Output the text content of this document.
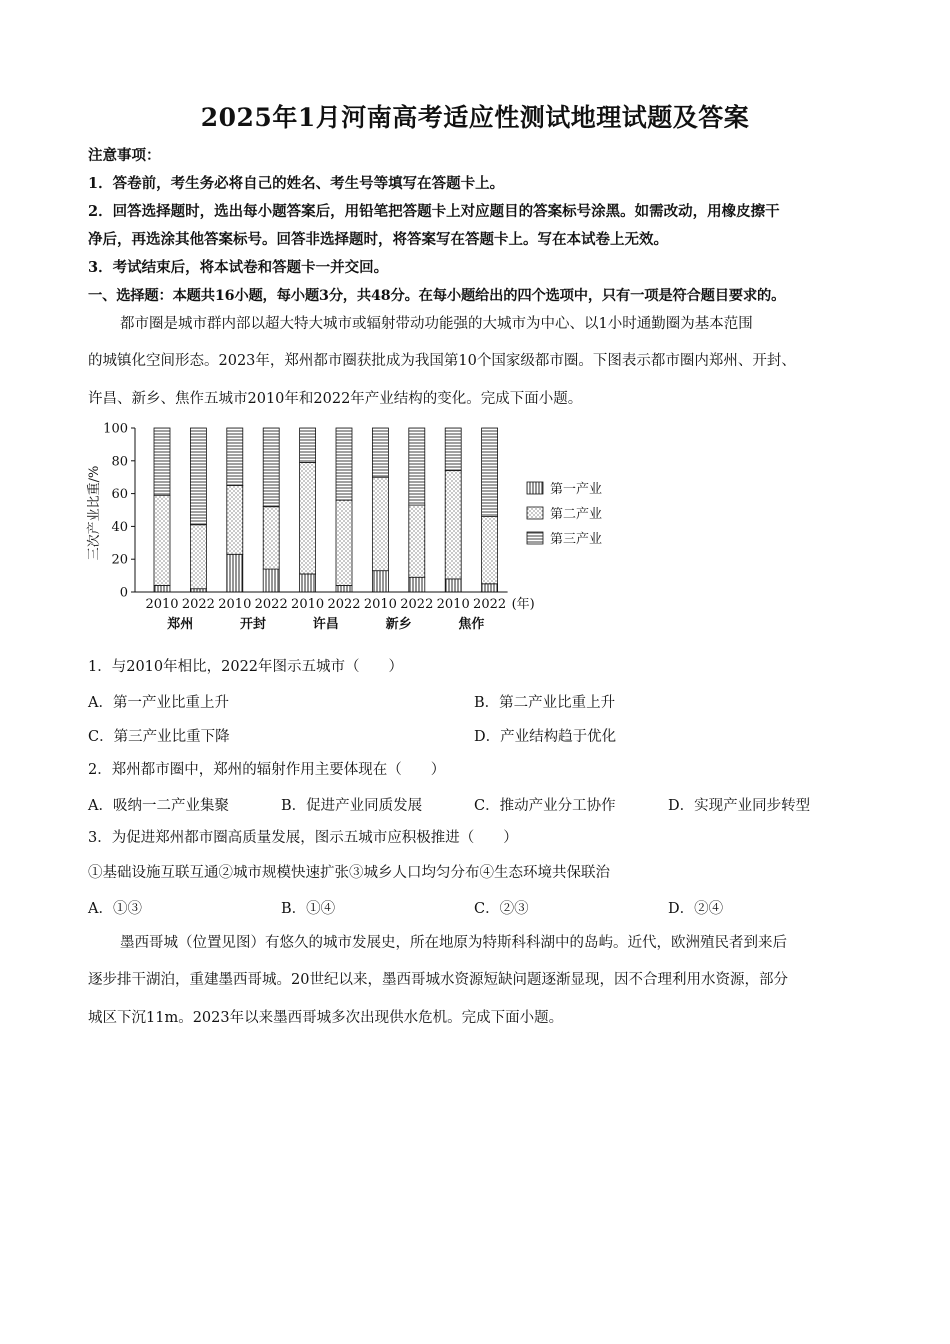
2025年1月河南高考适应性测试地理试题及答案
注意事项：
1．答卷前，考生务必将自己的姓名、考生号等填写在答题卡上。
2．回答选择题时，选出每小题答案后，用铅笔把答题卡上对应题目的答案标号涂黑。如需改动，用橡皮擦干
净后，再选涂其他答案标号。回答非选择题时，将答案写在答题卡上。写在本试卷上无效。
3．考试结束后，将本试卷和答题卡一并交回。
一、选择题：本题共16小题，每小题3分，共48分。在每小题给出的四个选项中，只有一项是符合题目要求的。
都市圈是城市群内部以超大特大城市或辐射带动功能强的大城市为中心、以1小时通勤圈为基本范围
的城镇化空间形态。2023年，郑州都市圈获批成为我国第10个国家级都市圈。下图表示都市圈内郑州、开封、
许昌、新乡、焦作五城市2010年和2022年产业结构的变化。完成下面小题。
2010 2022 2010 2022 2010 2022 2010 2022 2010 2022 (年)
郑州	开封	许昌	新乡	焦作
0
20
40
60
80
100
第一产业
第二产业
第三产业
三次产业比重/%
1．与2010年相比，2022年图示五城市（　　）
A．第一产业比重上升	B．第二产业比重上升
C．第三产业比重下降	D．产业结构趋于优化
2．郑州都市圈中，郑州的辐射作用主要体现在（　　）
A．吸纳一二产业集聚	B．促进产业同质发展	C．推动产业分工协作	D．实现产业同步转型
3．为促进郑州都市圈高质量发展，图示五城市应积极推进（　　）
①基础设施互联互通②城市规模快速扩张③城乡人口均匀分布④生态环境共保联治
A．①③	B．①④	C．②③	D．②④
墨西哥城（位置见图）有悠久的城市发展史，所在地原为特斯科科湖中的岛屿。近代，欧洲殖民者到来后
逐步排干湖泊，重建墨西哥城。20世纪以来，墨西哥城水资源短缺问题逐渐显现，因不合理利用水资源，部分
城区下沉11m。2023年以来墨西哥城多次出现供水危机。完成下面小题。
